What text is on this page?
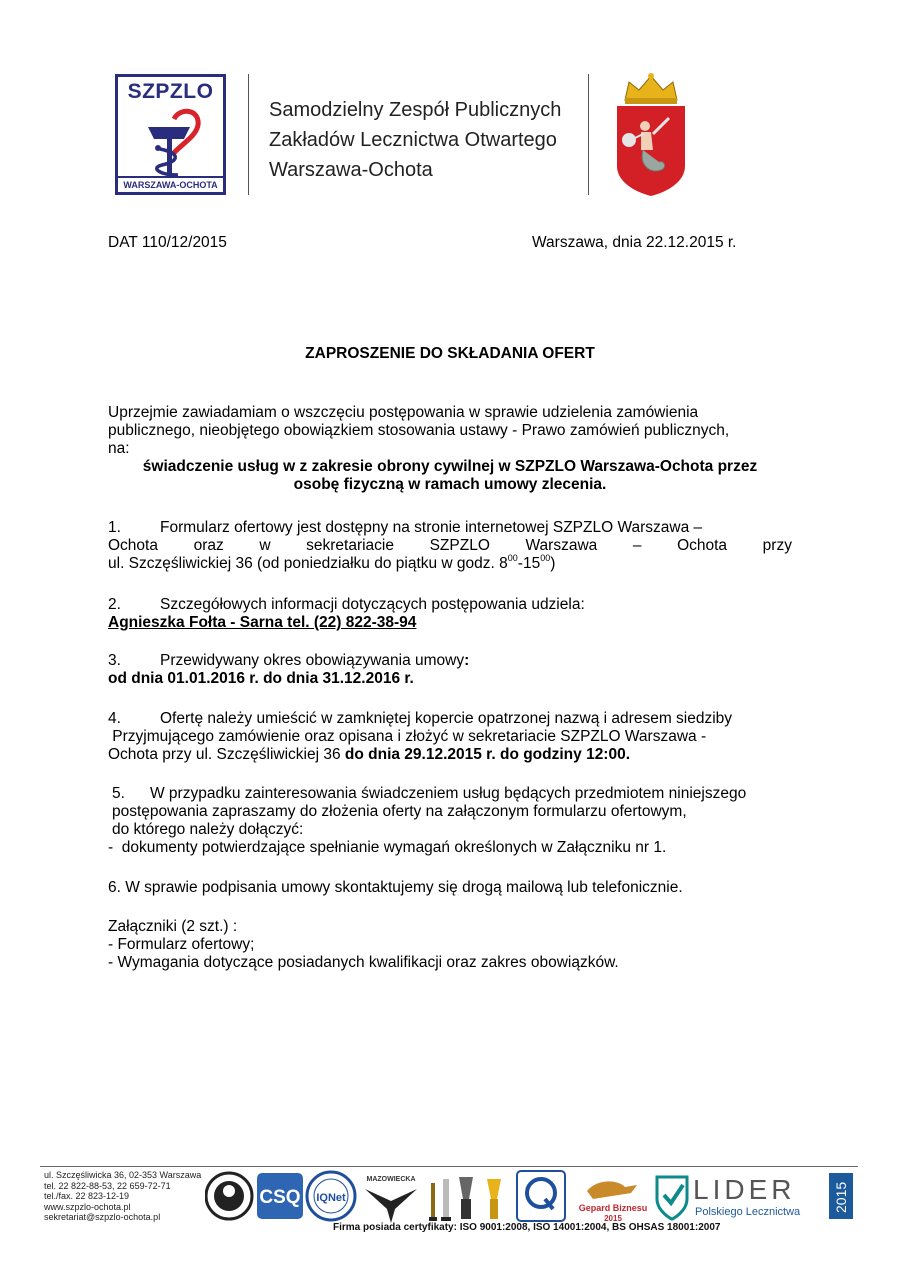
SZPZLO
WARSZAWA-OCHOTA
Samodzielny Zespół Publicznych
Zakładów Lecznictwa Otwartego
Warszawa-Ochota
DAT 110/12/2015	Warszawa, dnia 22.12.2015 r.
ZAPROSZENIE DO SKŁADANIA OFERT
Uprzejmie zawiadamiam o wszczęciu postępowania w sprawie udzielenia zamówienia
publicznego, nieobjętego obowiązkiem stosowania ustawy - Prawo zamówień publicznych,
na:
świadczenie usług w z zakresie obrony cywilnej w SZPZLO Warszawa-Ochota przez
osobę fizyczną w ramach umowy zlecenia.
1.	Formularz ofertowy jest dostępny na stronie internetowej SZPZLO Warszawa –
Ochota oraz w sekretariacie SZPZLO Warszawa – Ochota przy
ul. Szczęśliwickiej 36 (od poniedziałku do piątku w godz. $8^{00}-15^{00}$)
2.	Szczegółowych informacji dotyczących postępowania udziela:
Agnieszka Fołta - Sarna tel. (22) 822-38-94
3.	Przewidywany okres obowiązywania umowy:
od dnia 01.01.2016 r. do dnia 31.12.2016 r.
4.	Ofertę należy umieścić w zamkniętej kopercie opatrzonej nazwą i adresem siedziby
Przyjmującego zamówienie oraz opisana i złożyć w sekretariacie SZPZLO Warszawa -
Ochota przy ul. Szczęśliwickiej 36 do dnia 29.12.2015 r. do godziny 12:00.
5. W przypadku zainteresowania świadczeniem usług będących przedmiotem niniejszego
postępowania zapraszamy do złożenia oferty na załączonym formularzu ofertowym,
do którego należy dołączyć:
-  dokumenty potwierdzające spełnianie wymagań określonych w Załączniku nr 1.
6. W sprawie podpisania umowy skontaktujemy się drogą mailową lub telefonicznie.
Załączniki (2 szt.) :
- Formularz ofertowy;
- Wymagania dotyczące posiadanych kwalifikacji oraz zakres obowiązków.
ul. Szczęśliwicka 36, 02-353 Warszawa
tel. 22 822-88-53, 22 659-72-71
tel./fax. 22 823-12-19
www.szpzlo-ochota.pl
sekretariat@szpzlo-ochota.pl
CSQ IQNet
MAZOWIECKA
Gepard Biznesu
2015
LIDER
Polskiego Lecznictwa 2015
Firma posiada certyfikaty: ISO 9001:2008, ISO 14001:2004, BS OHSAS 18001:2007
